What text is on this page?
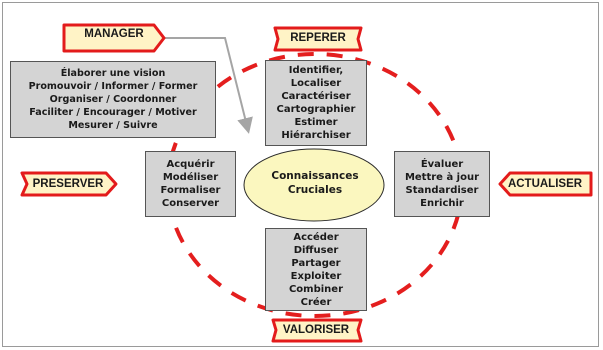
MANAGER	REPERER
PRESERVER	ACTUALISER
VALORISER
Élaborer une vision
Promouvoir / Informer / Former
Organiser / Coordonner
Faciliter / Encourager / Motiver
Mesurer / Suivre
Identifier,
Localiser
Caractériser
Cartographier
Estimer
Hiérarchiser
Acquérir
Modéliser
Formaliser
Conserver
Évaluer
Mettre à jour
Standardiser
Enrichir
Accéder
Diffuser
Partager
Exploiter
Combiner
Créer
Connaissances
Cruciales
